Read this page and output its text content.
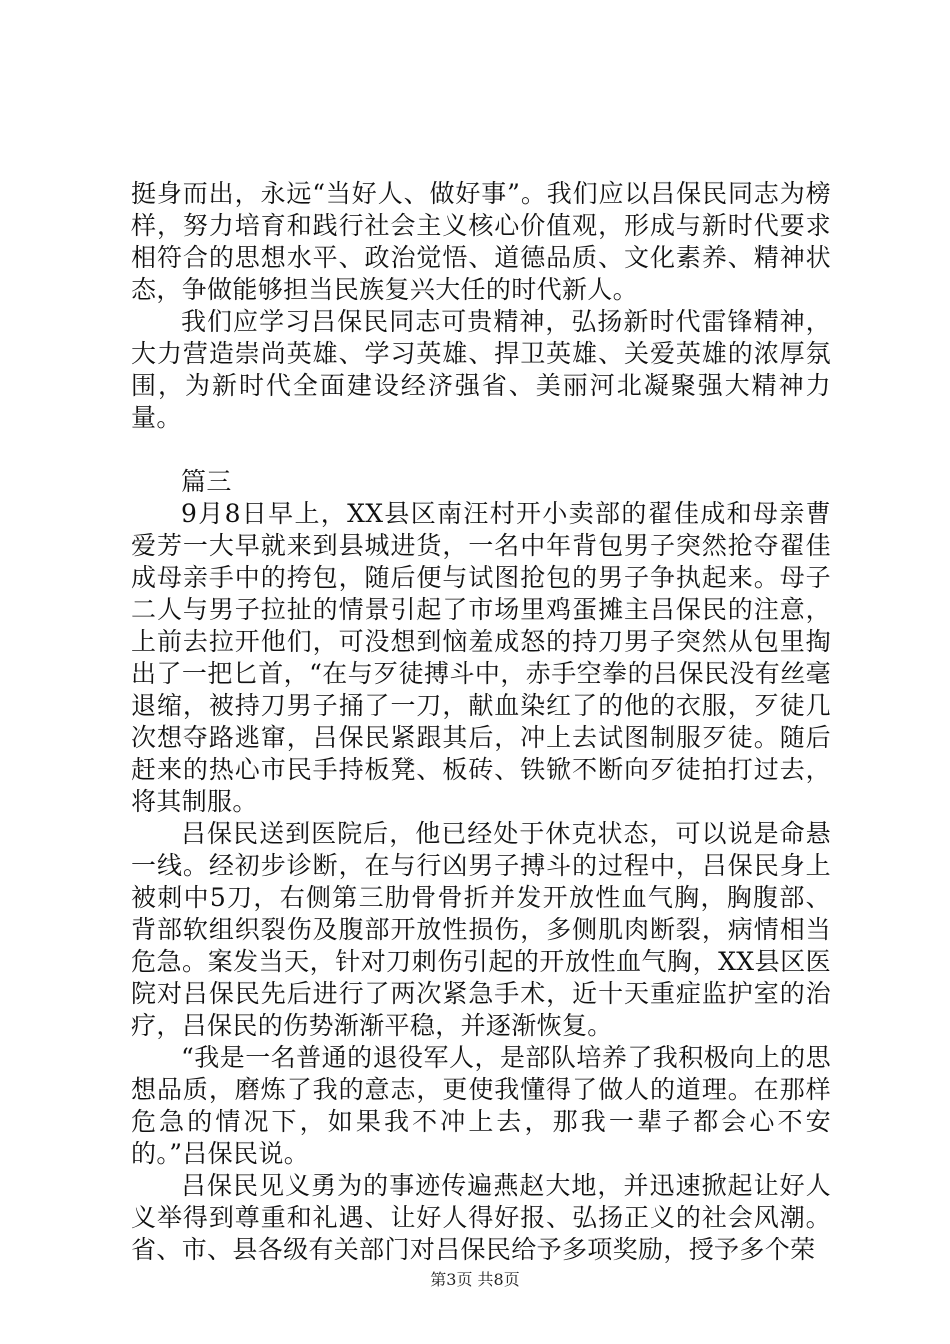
挺身而出，永远“当好人、做好事”。我们应以吕保民同志为榜样，努力培育和践行社会主义核心价值观，形成与新时代要求相符合的思想水平、政治觉悟、道德品质、文化素养、精神状态，争做能够担当民族复兴大任的时代新人。

我们应学习吕保民同志可贵精神，弘扬新时代雷锋精神，大力营造崇尚英雄、学习英雄、捍卫英雄、关爱英雄的浓厚氛围，为新时代全面建设经济强省、美丽河北凝聚强大精神力量。

篇三

9月8日早上，XX县区南汪村开小卖部的翟佳成和母亲曹爱芳一大早就来到县城进货，一名中年背包男子突然抢夺翟佳成母亲手中的挎包，随后便与试图抢包的男子争执起来。母子二人与男子拉扯的情景引起了市场里鸡蛋摊主吕保民的注意，上前去拉开他们，可没想到恼羞成怒的持刀男子突然从包里掏出了一把匕首，“在与歹徒搏斗中，赤手空拳的吕保民没有丝毫退缩，被持刀男子捅了一刀，献血染红了的他的衣服，歹徒几次想夺路逃窜，吕保民紧跟其后，冲上去试图制服歹徒。随后赶来的热心市民手持板凳、板砖、铁锨不断向歹徒拍打过去，将其制服。

吕保民送到医院后，他已经处于休克状态，可以说是命悬一线。经初步诊断，在与行凶男子搏斗的过程中，吕保民身上被刺中5刀，右侧第三肋骨骨折并发开放性血气胸，胸腹部、背部软组织裂伤及腹部开放性损伤，多侧肌肉断裂，病情相当危急。案发当天，针对刀刺伤引起的开放性血气胸，XX县区医院对吕保民先后进行了两次紧急手术，近十天重症监护室的治疗，吕保民的伤势渐渐平稳，并逐渐恢复。

“我是一名普通的退役军人，是部队培养了我积极向上的思想品质，磨炼了我的意志，更使我懂得了做人的道理。在那样危急的情况下，如果我不冲上去，那我一辈子都会心不安的。”吕保民说。

吕保民见义勇为的事迹传遍燕赵大地，并迅速掀起让好人义举得到尊重和礼遇、让好人得好报、弘扬正义的社会风潮。省、市、县各级有关部门对吕保民给予多项奖励，授予多个荣

第3页 共8页
